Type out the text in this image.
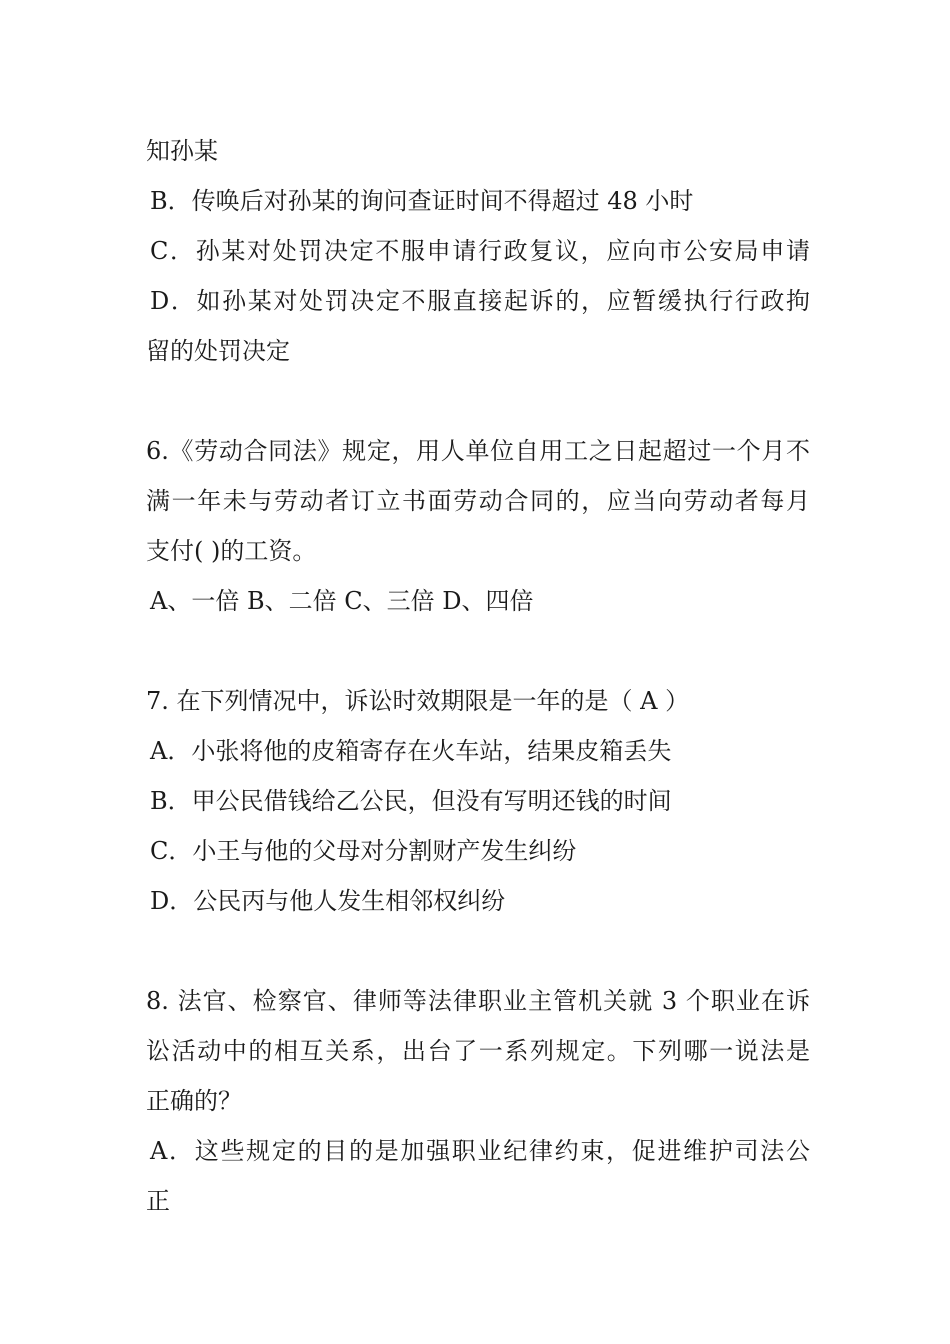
知孙某
B．传唤后对孙某的询问查证时间不得超过 48 小时
C．孙某对处罚决定不服申请行政复议，应向市公安局申请
D．如孙某对处罚决定不服直接起诉的，应暂缓执行行政拘
留的处罚决定
6.《劳动合同法》规定，用人单位自用工之日起超过一个月不
满一年未与劳动者订立书面劳动合同的，应当向劳动者每月
支付( )的工资。
A、一倍 B、二倍 C、三倍 D、四倍
7. 在下列情况中，诉讼时效期限是一年的是（ A ）
A．小张将他的皮箱寄存在火车站，结果皮箱丢失
B．甲公民借钱给乙公民，但没有写明还钱的时间
C．小王与他的父母对分割财产发生纠纷
D．公民丙与他人发生相邻权纠纷
8. 法官、检察官、律师等法律职业主管机关就 3 个职业在诉
讼活动中的相互关系，出台了一系列规定。下列哪一说法是
正确的？
A．这些规定的目的是加强职业纪律约束，促进维护司法公
正
